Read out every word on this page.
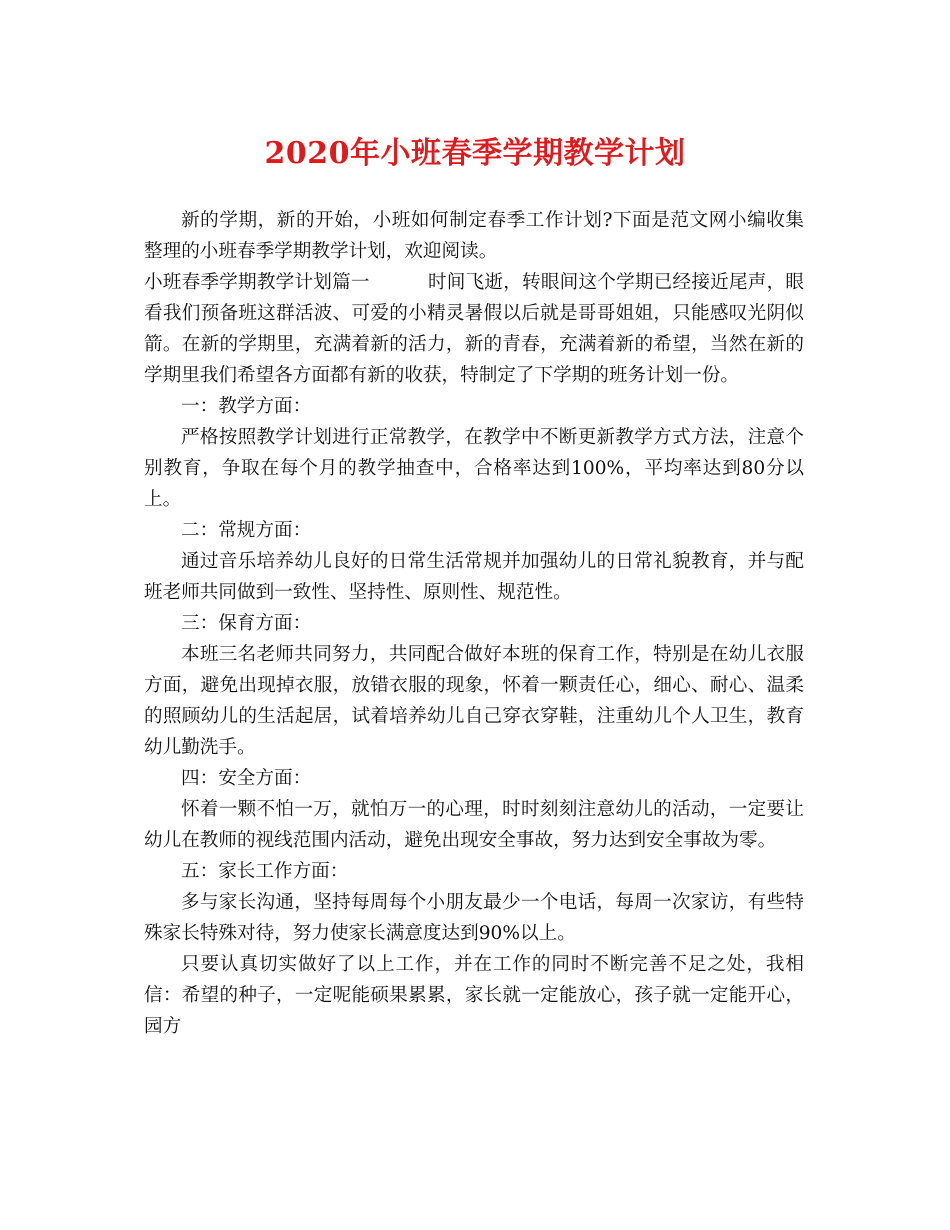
2020年小班春季学期教学计划

新的学期，新的开始，小班如何制定春季工作计划?下面是范文网小编收集整理的小班春季学期教学计划，欢迎阅读。

小班春季学期教学计划篇一	时间飞逝，转眼间这个学期已经接近尾声，眼看我们预备班这群活波、可爱的小精灵暑假以后就是哥哥姐姐，只能感叹光阴似箭。在新的学期里，充满着新的活力，新的青春，充满着新的希望，当然在新的学期里我们希望各方面都有新的收获，特制定了下学期的班务计划一份。

一：教学方面：

严格按照教学计划进行正常教学，在教学中不断更新教学方式方法，注意个别教育，争取在每个月的教学抽查中，合格率达到100%，平均率达到80分以上。

二：常规方面：

通过音乐培养幼儿良好的日常生活常规并加强幼儿的日常礼貌教育，并与配班老师共同做到一致性、坚持性、原则性、规范性。

三：保育方面：

本班三名老师共同努力，共同配合做好本班的保育工作，特别是在幼儿衣服方面，避免出现掉衣服，放错衣服的现象，怀着一颗责任心，细心、耐心、温柔的照顾幼儿的生活起居，试着培养幼儿自己穿衣穿鞋，注重幼儿个人卫生，教育幼儿勤洗手。

四：安全方面：

怀着一颗不怕一万，就怕万一的心理，时时刻刻注意幼儿的活动，一定要让幼儿在教师的视线范围内活动，避免出现安全事故，努力达到安全事故为零。

五：家长工作方面：

多与家长沟通，坚持每周每个小朋友最少一个电话，每周一次家访，有些特殊家长特殊对待，努力使家长满意度达到90%以上。

只要认真切实做好了以上工作，并在工作的同时不断完善不足之处，我相信：希望的种子，一定呢能硕果累累，家长就一定能放心，孩子就一定能开心，园方
